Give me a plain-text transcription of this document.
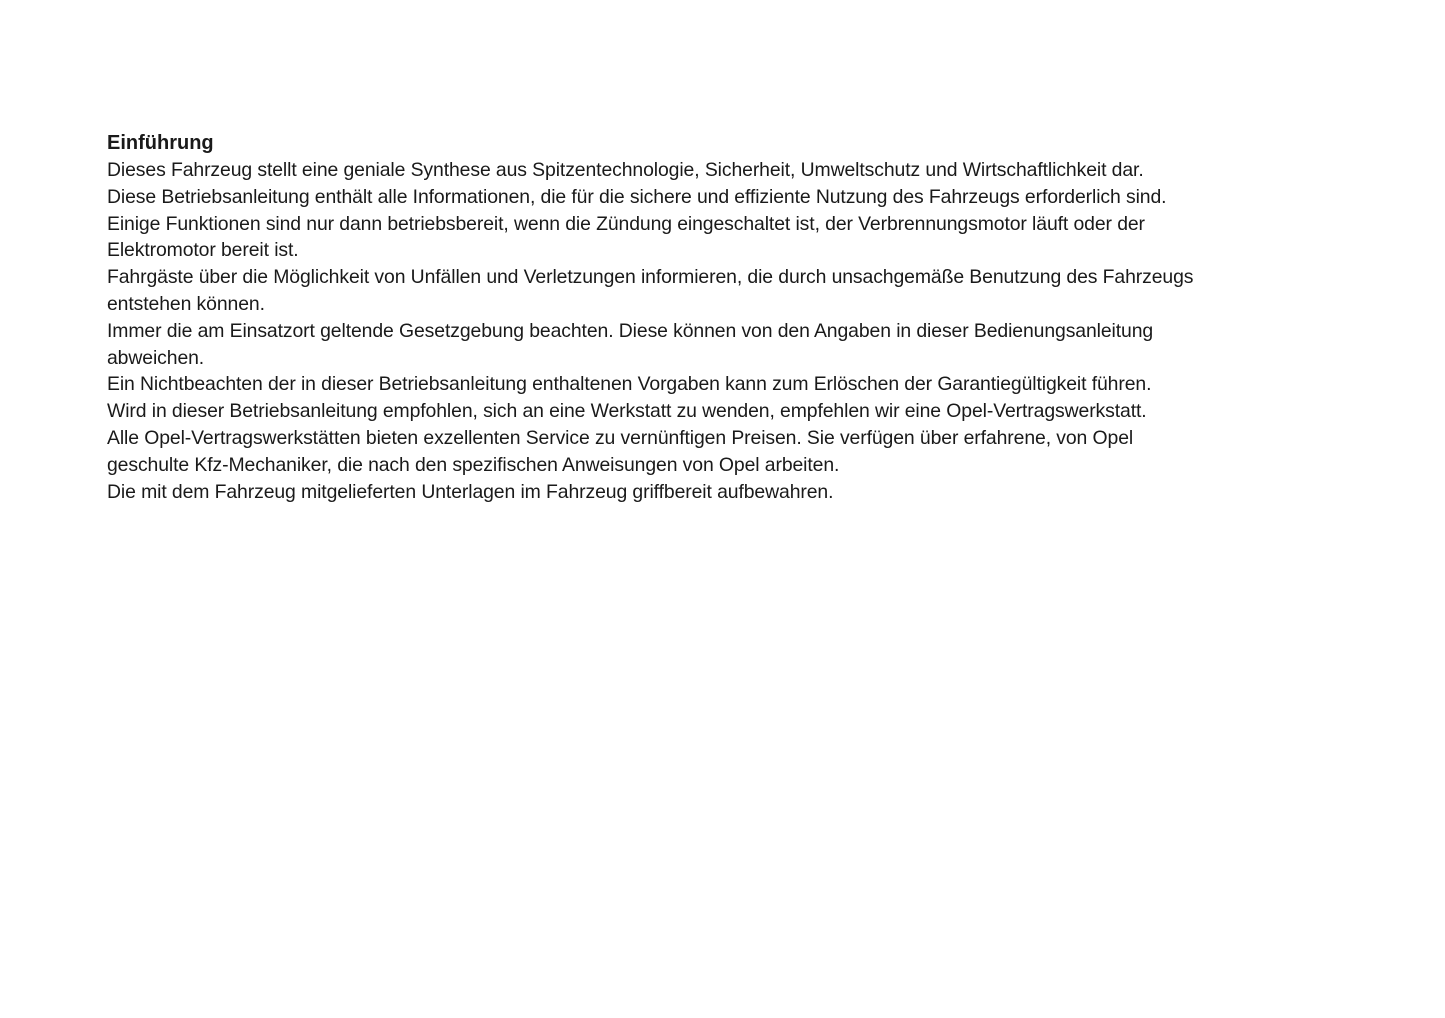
Einführung

Dieses Fahrzeug stellt eine geniale Synthese aus Spitzentechnologie, Sicherheit, Umweltschutz und Wirtschaftlichkeit dar.

Diese Betriebsanleitung enthält alle Informationen, die für die sichere und effiziente Nutzung des Fahrzeugs erforderlich sind.

Einige Funktionen sind nur dann betriebsbereit, wenn die Zündung eingeschaltet ist, der Verbrennungsmotor läuft oder der
Elektromotor bereit ist.

Fahrgäste über die Möglichkeit von Unfällen und Verletzungen informieren, die durch unsachgemäße Benutzung des Fahrzeugs
entstehen können.

Immer die am Einsatzort geltende Gesetzgebung beachten. Diese können von den Angaben in dieser Bedienungsanleitung
abweichen.

Ein Nichtbeachten der in dieser Betriebsanleitung enthaltenen Vorgaben kann zum Erlöschen der Garantiegültigkeit führen.

Wird in dieser Betriebsanleitung empfohlen, sich an eine Werkstatt zu wenden, empfehlen wir eine Opel-Vertragswerkstatt.

Alle Opel-Vertragswerkstätten bieten exzellenten Service zu vernünftigen Preisen. Sie verfügen über erfahrene, von Opel
geschulte Kfz-Mechaniker, die nach den spezifischen Anweisungen von Opel arbeiten.

Die mit dem Fahrzeug mitgelieferten Unterlagen im Fahrzeug griffbereit aufbewahren.
